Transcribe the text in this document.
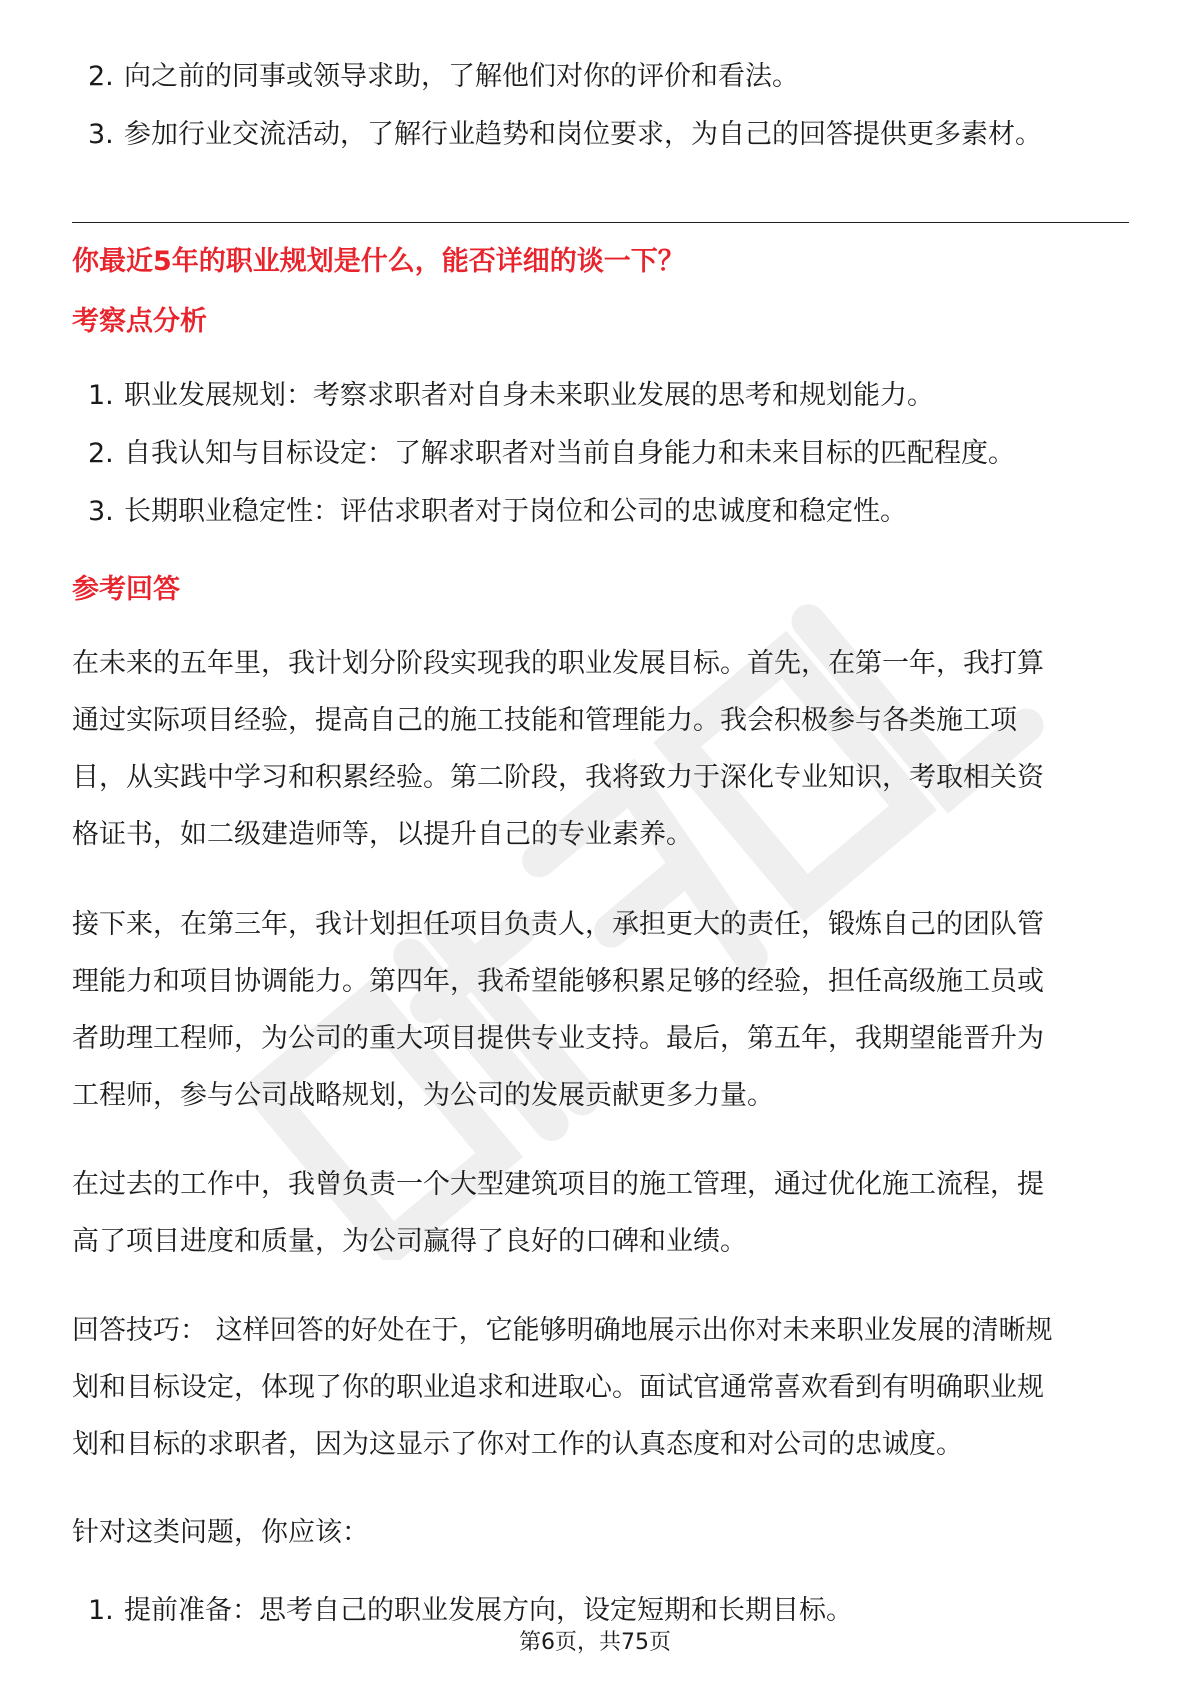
2. 向之前的同事或领导求助，了解他们对你的评价和看法。
3. 参加行业交流活动，了解行业趋势和岗位要求，为自己的回答提供更多素材。
你最近5年的职业规划是什么，能否详细的谈一下？
考察点分析
1. 职业发展规划：考察求职者对自身未来职业发展的思考和规划能力。
2. 自我认知与目标设定：了解求职者对当前自身能力和未来目标的匹配程度。
3. 长期职业稳定性：评估求职者对于岗位和公司的忠诚度和稳定性。
参考回答

在未来的五年里，我计划分阶段实现我的职业发展目标。首先，在第一年，我打算
通过实际项目经验，提高自己的施工技能和管理能力。我会积极参与各类施工项
目，从实践中学习和积累经验。第二阶段，我将致力于深化专业知识，考取相关资
格证书，如二级建造师等，以提升自己的专业素养。

接下来，在第三年，我计划担任项目负责人，承担更大的责任，锻炼自己的团队管
理能力和项目协调能力。第四年，我希望能够积累足够的经验，担任高级施工员或
者助理工程师，为公司的重大项目提供专业支持。最后，第五年，我期望能晋升为
工程师，参与公司战略规划，为公司的发展贡献更多力量。

在过去的工作中，我曾负责一个大型建筑项目的施工管理，通过优化施工流程，提
高了项目进度和质量，为公司赢得了良好的口碑和业绩。

回答技巧： 这样回答的好处在于，它能够明确地展示出你对未来职业发展的清晰规
划和目标设定，体现了你的职业追求和进取心。面试官通常喜欢看到有明确职业规
划和目标的求职者，因为这显示了你对工作的认真态度和对公司的忠诚度。

针对这类问题，你应该：

1. 提前准备：思考自己的职业发展方向，设定短期和长期目标。
第6页，共75页
